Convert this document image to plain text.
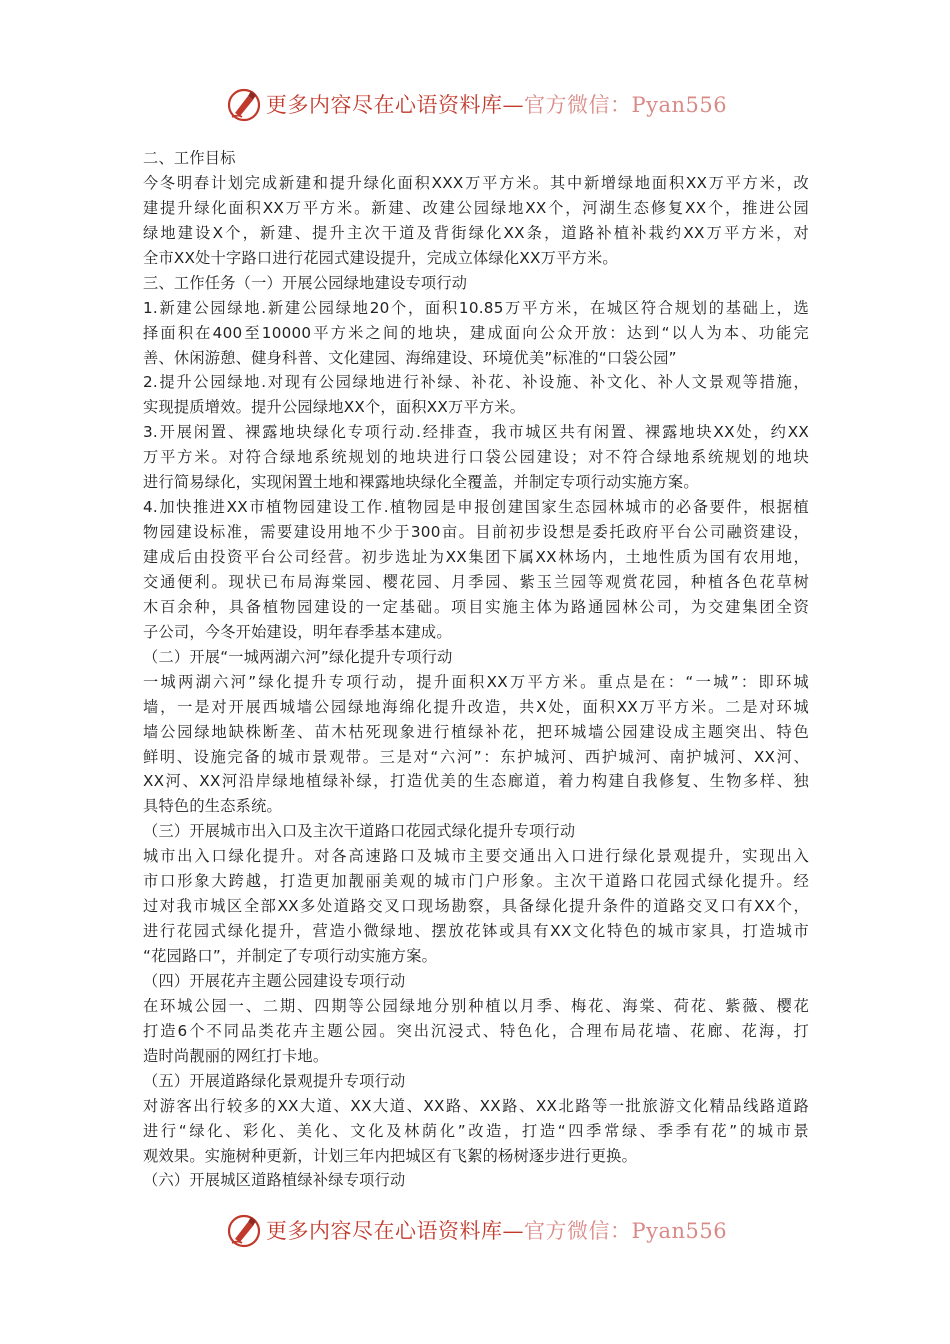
更多内容尽在心语资料库—官方微信：Pyan556
二、工作目标
今冬明春计划完成新建和提升绿化面积XXX万平方米。其中新增绿地面积XX万平方米，改
建提升绿化面积XX万平方米。新建、改建公园绿地XX个，河湖生态修复XX个，推进公园
绿地建设X个，新建、提升主次干道及背街绿化XX条，道路补植补栽约XX万平方米，对
全市XX处十字路口进行花园式建设提升，完成立体绿化XX万平方米。
三、工作任务（一）开展公园绿地建设专项行动
1.新建公园绿地.新建公园绿地20个，面积10.85万平方米，在城区符合规划的基础上，选
择面积在400至10000平方米之间的地块，建成面向公众开放：达到“以人为本、功能完
善、休闲游憩、健身科普、文化建园、海绵建设、环境优美”标准的“口袋公园”
2.提升公园绿地.对现有公园绿地进行补绿、补花、补设施、补文化、补人文景观等措施，
实现提质增效。提升公园绿地XX个，面积XX万平方米。
3.开展闲置、裸露地块绿化专项行动.经排查，我市城区共有闲置、裸露地块XX处，约XX
万平方米。对符合绿地系统规划的地块进行口袋公园建设；对不符合绿地系统规划的地块
进行简易绿化，实现闲置土地和裸露地块绿化全覆盖，并制定专项行动实施方案。
4.加快推进XX市植物园建设工作.植物园是申报创建国家生态园林城市的必备要件，根据植
物园建设标准，需要建设用地不少于300亩。目前初步设想是委托政府平台公司融资建设，
建成后由投资平台公司经营。初步选址为XX集团下属XX林场内，土地性质为国有农用地，
交通便利。现状已布局海棠园、樱花园、月季园、紫玉兰园等观赏花园，种植各色花草树
木百余种，具备植物园建设的一定基础。项目实施主体为路通园林公司，为交建集团全资
子公司，今冬开始建设，明年春季基本建成。
（二）开展“一城两湖六河”绿化提升专项行动
一城两湖六河”绿化提升专项行动，提升面积XX万平方米。重点是在：“一城”：即环城
墙，一是对开展西城墙公园绿地海绵化提升改造，共X处，面积XX万平方米。二是对环城
墙公园绿地缺株断垄、苗木枯死现象进行植绿补花，把环城墙公园建设成主题突出、特色
鲜明、设施完备的城市景观带。三是对“六河”：东护城河、西护城河、南护城河、XX河、
XX河、XX河沿岸绿地植绿补绿，打造优美的生态廊道，着力构建自我修复、生物多样、独
具特色的生态系统。
（三）开展城市出入口及主次干道路口花园式绿化提升专项行动
城市出入口绿化提升。对各高速路口及城市主要交通出入口进行绿化景观提升，实现出入
市口形象大跨越，打造更加靓丽美观的城市门户形象。主次干道路口花园式绿化提升。经
过对我市城区全部XX多处道路交叉口现场勘察，具备绿化提升条件的道路交叉口有XX个，
进行花园式绿化提升，营造小微绿地、摆放花钵或具有XX文化特色的城市家具，打造城市
“花园路口”，并制定了专项行动实施方案。
（四）开展花卉主题公园建设专项行动
在环城公园一、二期、四期等公园绿地分别种植以月季、梅花、海棠、荷花、紫薇、樱花
打造6个不同品类花卉主题公园。突出沉浸式、特色化，合理布局花墙、花廊、花海，打
造时尚靓丽的网红打卡地。
（五）开展道路绿化景观提升专项行动
对游客出行较多的XX大道、XX大道、XX路、XX路、XX北路等一批旅游文化精品线路道路
进行“绿化、彩化、美化、文化及林荫化”改造，打造“四季常绿、季季有花”的城市景
观效果。实施树种更新，计划三年内把城区有飞絮的杨树逐步进行更换。
（六）开展城区道路植绿补绿专项行动
更多内容尽在心语资料库—官方微信：Pyan556
